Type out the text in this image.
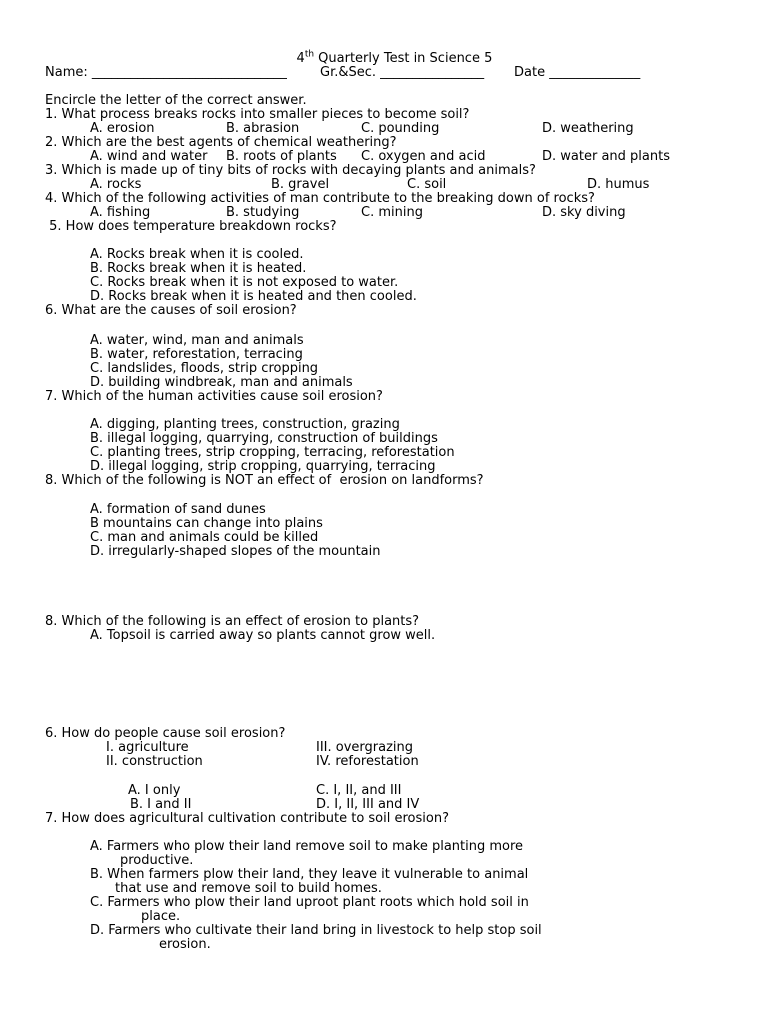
4th Quarterly Test in Science 5

Name: ______________________________	Gr.&Sec. ________________ Date ______________
Encircle the letter of the correct answer.
1. What process breaks rocks into smaller pieces to become soil?
A. erosion	B. abrasion	C. pounding	D. weathering
2. Which are the best agents of chemical weathering?
A. wind and water B. roots of plants C. oxygen and acid	D. water and plants
3. Which is made up of tiny bits of rocks with decaying plants and animals?
A. rocks	B. gravel	C. soil	D. humus
4. Which of the following activities of man contribute to the breaking down of rocks?
A. fishing	B. studying	C. mining	D. sky diving
5. How does temperature breakdown rocks?
A. Rocks break when it is cooled.
B. Rocks break when it is heated.
C. Rocks break when it is not exposed to water.
D. Rocks break when it is heated and then cooled.
6. What are the causes of soil erosion?
A. water, wind, man and animals
B. water, reforestation, terracing
C. landslides, floods, strip cropping
D. building windbreak, man and animals
7. Which of the human activities cause soil erosion?
A. digging, planting trees, construction, grazing
B. illegal logging, quarrying, construction of buildings
C. planting trees, strip cropping, terracing, reforestation
D. illegal logging, strip cropping, quarrying, terracing
8. Which of the following is NOT an effect of  erosion on landforms?
A. formation of sand dunes
B mountains can change into plains
C. man and animals could be killed
D. irregularly-shaped slopes of the mountain
8. Which of the following is an effect of erosion to plants?
A. Topsoil is carried away so plants cannot grow well.
6. How do people cause soil erosion?
I. agriculture	III. overgrazing
II. construction	IV. reforestation
A. I only	C. I, II, and III
B. I and II	D. I, II, III and IV
7. How does agricultural cultivation contribute to soil erosion?
A. Farmers who plow their land remove soil to make planting more
productive.
B. When farmers plow their land, they leave it vulnerable to animal
that use and remove soil to build homes.
C. Farmers who plow their land uproot plant roots which hold soil in
place.
D. Farmers who cultivate their land bring in livestock to help stop soil
erosion.
